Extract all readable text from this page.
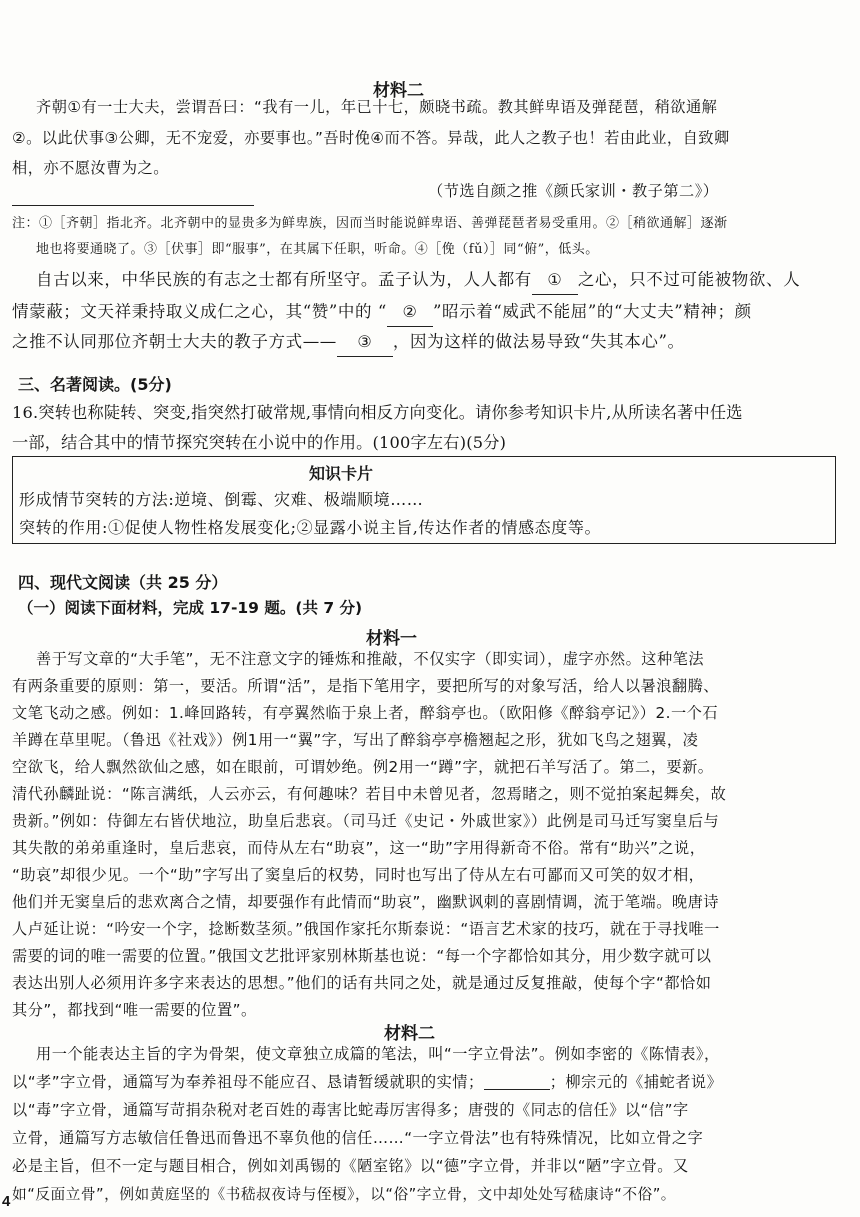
材料二
齐朝①有一士大夫，尝谓吾曰：“我有一儿，年已十七，颇晓书疏。教其鲜卑语及弹琵琶，稍欲通解
②。以此伏事③公卿，无不宠爱，亦要事也。”吾时俛④而不答。异哉，此人之教子也！若由此业，自致卿
相，亦不愿汝曹为之。
（节选自颜之推《颜氏家训・教子第二》）
注：①［齐朝］指北齐。北齐朝中的显贵多为鲜卑族，因而当时能说鲜卑语、善弹琵琶者易受重用。②［稍欲通解］逐渐
地也将要通晓了。③［伏事］即“服事”，在其属下任职，听命。④［俛（fǔ）］同“俯”，低头。
自古以来，中华民族的有志之士都有所坚守。孟子认为，人人都有 ① 之心，只不过可能被物欲、人
情蒙蔽；文天祥秉持取义成仁之心，其“赞”中的 “ ② ”昭示着“威武不能屈”的“大丈夫”精神；颜
之推不认同那位齐朝士大夫的教子方式—— ③ ，因为这样的做法易导致“失其本心”。
三、名著阅读。(5分)
16.突转也称陡转、突变,指突然打破常规,事情向相反方向变化。请你参考知识卡片,从所读名著中任选
一部，结合其中的情节探究突转在小说中的作用。(100字左右)(5分)
知识卡片
形成情节突转的方法:逆境、倒霉、灾难、极端顺境……
突转的作用:①促使人物性格发展变化;②显露小说主旨,传达作者的情感态度等。
四、现代文阅读（共 25 分）
（一）阅读下面材料，完成 17-19 题。(共 7 分)
材料一
善于写文章的“大手笔”，无不注意文字的锤炼和推敲，不仅实字（即实词），虚字亦然。这种笔法
有两条重要的原则：第一，要活。所谓“活”，是指下笔用字，要把所写的对象写活，给人以暑浪翻腾、
文笔飞动之感。例如：1.峰回路转，有亭翼然临于泉上者，醉翁亭也。（欧阳修《醉翁亭记》）2.一个石
羊蹲在草里呢。（鲁迅《社戏》）例1用一“翼”字，写出了醉翁亭亭檐翘起之形，犹如飞鸟之翅翼，凌
空欲飞，给人飘然欲仙之感，如在眼前，可谓妙绝。例2用一“蹲”字，就把石羊写活了。第二，要新。
清代孙麟趾说：“陈言满纸，人云亦云，有何趣味？若目中未曾见者，忽焉睹之，则不觉拍案起舞矣，故
贵新。”例如：侍御左右皆伏地泣，助皇后悲哀。（司马迁《史记・外戚世家》）此例是司马迁写窦皇后与
其失散的弟弟重逢时，皇后悲哀，而侍从左右“助哀”，这一“助”字用得新奇不俗。常有“助兴”之说，
“助哀”却很少见。一个“助”字写出了窦皇后的权势，同时也写出了侍从左右可鄙而又可笑的奴才相，
他们并无窦皇后的悲欢离合之情，却要强作有此情而“助哀”，幽默讽刺的喜剧情调，流于笔端。晚唐诗
人卢延让说：“吟安一个字，捻断数茎须。”俄国作家托尔斯泰说：“语言艺术家的技巧，就在于寻找唯一
需要的词的唯一需要的位置。”俄国文艺批评家别林斯基也说：“每一个字都恰如其分，用少数字就可以
表达出别人必须用许多字来表达的思想。”他们的话有共同之处，就是通过反复推敲，使每个字“都恰如
其分”，都找到“唯一需要的位置”。
材料二
用一个能表达主旨的字为骨架，使文章独立成篇的笔法，叫“一字立骨法”。例如李密的《陈情表》，
以“孝”字立骨，通篇写为奉养祖母不能应召、恳请暂缓就职的实情；	；柳宗元的《捕蛇者说》
以“毒”字立骨，通篇写苛捐杂税对老百姓的毒害比蛇毒厉害得多；唐弢的《同志的信任》以“信”字
立骨，通篇写方志敏信任鲁迅而鲁迅不辜负他的信任……“一字立骨法”也有特殊情况，比如立骨之字
必是主旨，但不一定与题目相合，例如刘禹锡的《陋室铭》以“德”字立骨，并非以“陋”字立骨。又
如“反面立骨”，例如黄庭坚的《书嵇叔夜诗与侄榎》，以“俗”字立骨，文中却处处写嵇康诗“不俗”。
4
